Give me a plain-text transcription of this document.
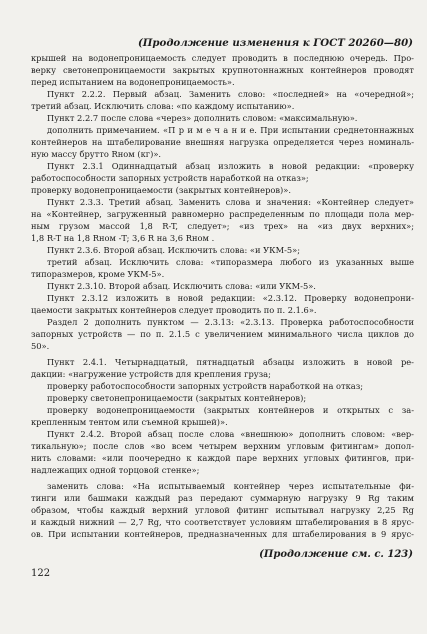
(Продолжение изменения к ГОСТ 20260—80)
крышей на водонепроницаемость следует проводить в последнюю очередь. Про-
верку светонепроницаемости закрытых крупнотоннажных контейнеров проводят
перед испытанием на водонепроницаемость».
Пункт 2.2.2. Первый абзац. Заменить слово: «последней» на «очередной»;
третий абзац. Исключить слова: «по каждому испытанию».
Пункт 2.2.7 после слова «через» дополнить словом: «максимальную».
дополнить примечанием. «П р и м е ч а н и е. При испытании среднетоннажных
контейнеров на штабелирование внешняя нагрузка определяется через номиналь-
ную массу брутто Rном (кг)».
Пункт 2.3.1 Одиннадцатый абзац изложить в новой редакции: «проверку
работоспособности запорных устройств наработкой на отказ»;
проверку водонепроницаемости (закрытых контейнеров)».
Пункт 2.3.3. Третий абзац. Заменить слова и значения: «Контейнер следует»
на «Контейнер, загруженный равномерно распределенным по площади пола мер-
ным грузом массой 1,8 R-T, следует»; «из трех» на «из двух верхних»;
1,8 R-T на 1,8 Rном -T; 3,6 R на 3,6 Rном .
Пункт 2.3.6. Второй абзац. Исключить слова: «и УКМ-5»;
третий абзац. Исключить слова: «типоразмера любого из указанных выше
типоразмеров, кроме УКМ-5».
Пункт 2.3.10. Второй абзац. Исключить слова: «или УКМ-5».
Пункт 2.3.12 изложить в новой редакции: «2.3.12. Проверку водонепрони-
цаемости закрытых контейнеров следует проводить по п. 2.1.6».
Раздел 2 дополнить пунктом — 2.3.13: «2.3.13. Проверка работоспособности
запорных устройств — по п. 2.1.5 с увеличением минимального числа циклов до
50».
Пункт 2.4.1. Четырнадцатый, пятнадцатый абзацы изложить в новой ре-
дакции: «нагружение устройств для крепления груза;
проверку работоспособности запорных устройств наработкой на отказ;
проверку светонепроницаемости (закрытых контейнеров);
проверку водонепроницаемости (закрытых контейнеров и открытых с за-
крепленным тентом или съемной крышей)».
Пункт 2.4.2. Второй абзац после слова «внешнюю» дополнить словом: «вер-
тикальную»; после слов «во всем четырем верхним угловым фитингам» допол-
нить словами: «или поочередно к каждой паре верхних угловых фитингов, при-
надлежащих одной торцовой стенке»;
заменить слова: «На испытываемый контейнер через испытательные фи-
тинги или башмаки каждый раз передают суммарную нагрузку 9 Rg таким
образом, чтобы каждый верхний угловой фитинг испытывал нагрузку 2,25 Rg
и каждый нижний — 2,7 Rg, что соответствует условиям штабелирования в 8 ярус-
ов. При испытании контейнеров, предназначенных для штабелирования в 9 ярус-
(Продолжение см. с. 123)
122
